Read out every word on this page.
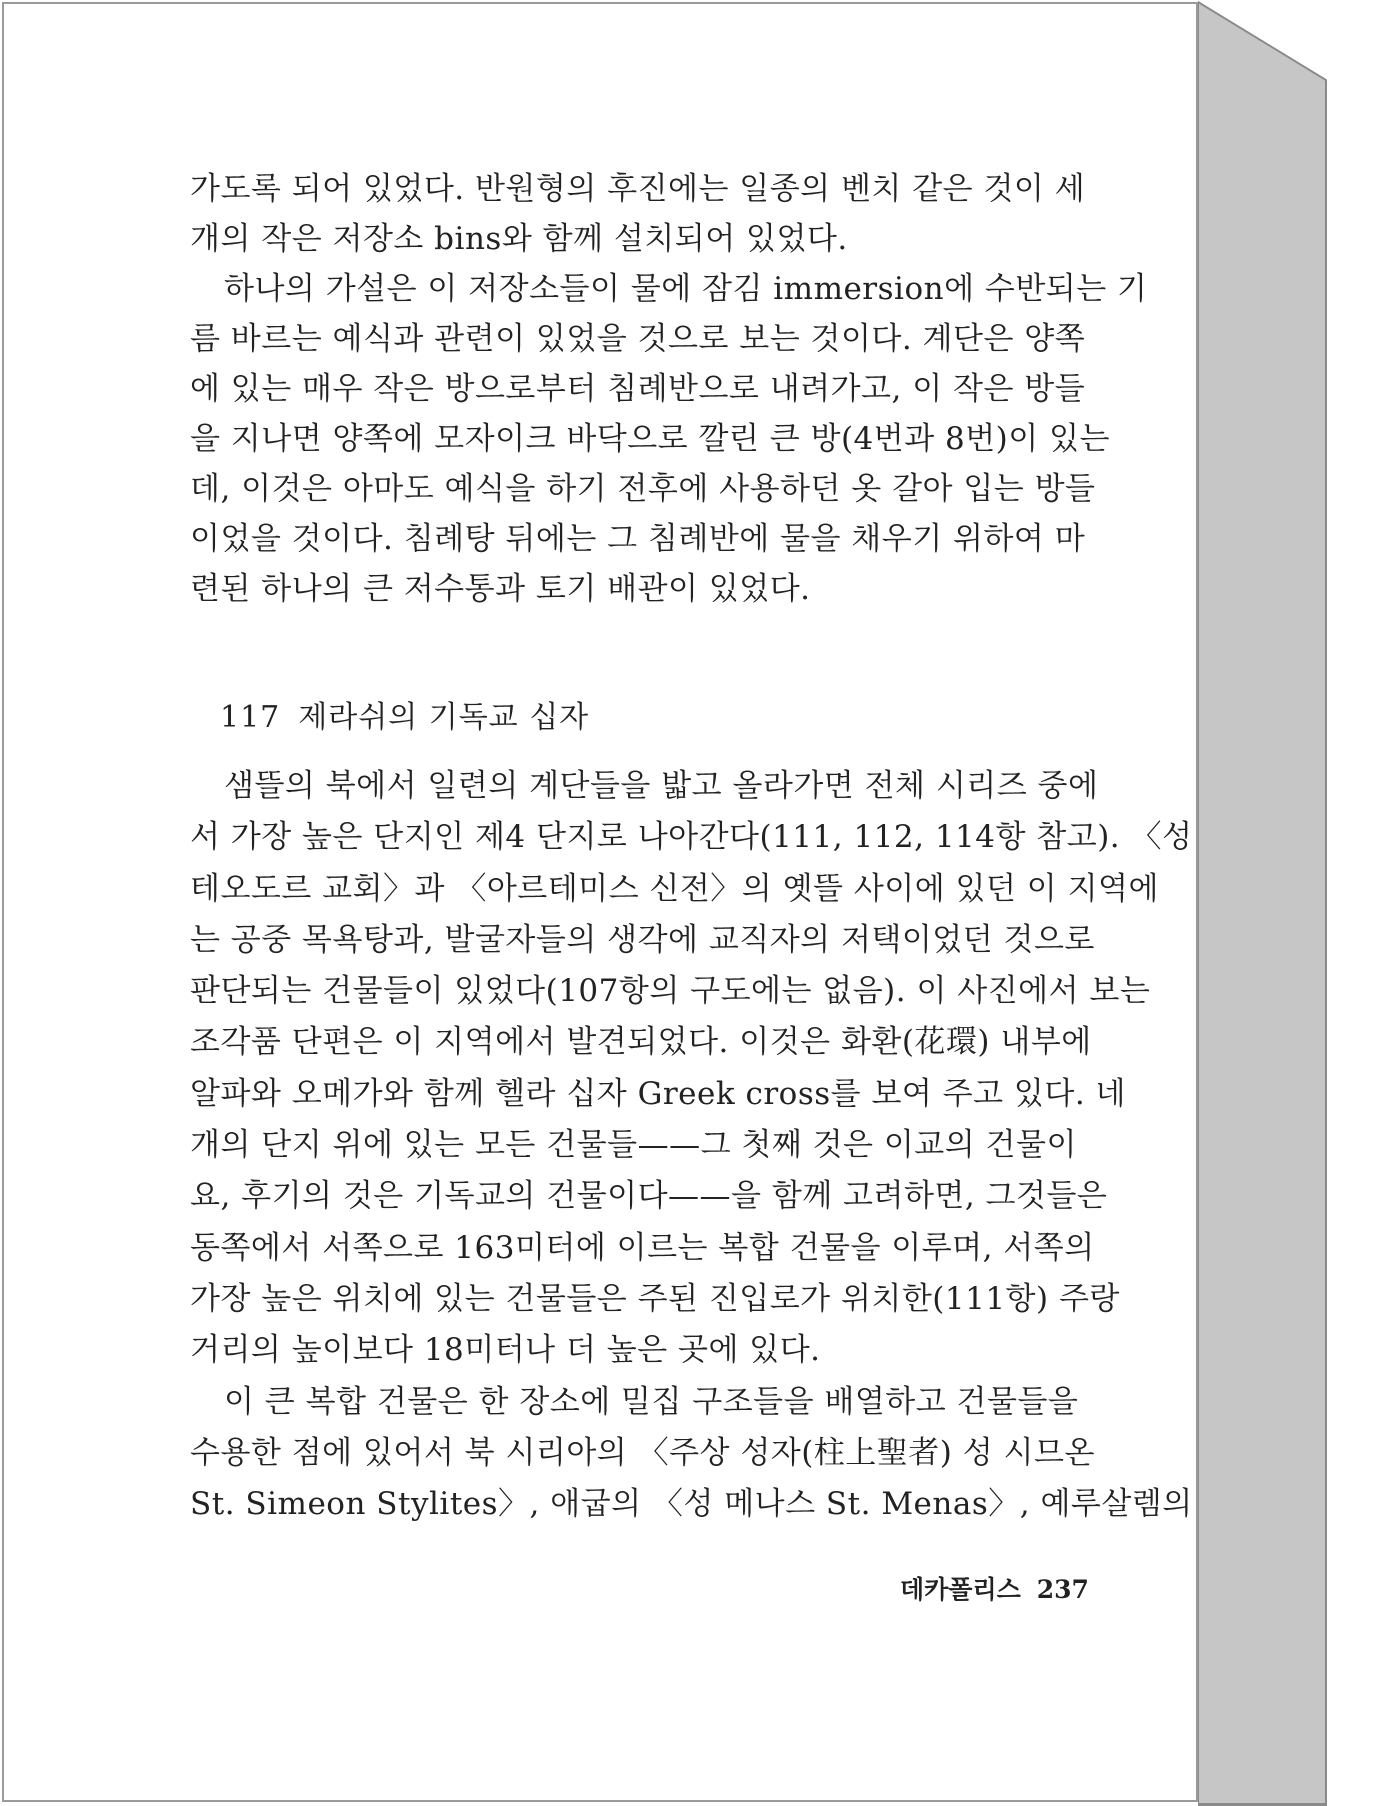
가도록 되어 있었다. 반원형의 후진에는 일종의 벤치 같은 것이 세
개의 작은 저장소 bins와 함께 설치되어 있었다.
하나의 가설은 이 저장소들이 물에 잠김 immersion에 수반되는 기
름 바르는 예식과 관련이 있었을 것으로 보는 것이다. 계단은 양쪽
에 있는 매우 작은 방으로부터 침례반으로 내려가고, 이 작은 방들
을 지나면 양쪽에 모자이크 바닥으로 깔린 큰 방(4번과 8번)이 있는
데, 이것은 아마도 예식을 하기 전후에 사용하던 옷 갈아 입는 방들
이었을 것이다. 침례탕 뒤에는 그 침례반에 물을 채우기 위하여 마
련된 하나의 큰 저수통과 토기 배관이 있었다.
117 제라쉬의 기독교 십자
샘뜰의 북에서 일련의 계단들을 밟고 올라가면 전체 시리즈 중에
서 가장 높은 단지인 제4 단지로 나아간다(111, 112, 114항 참고). 〈성
테오도르 교회〉과 〈아르테미스 신전〉의 옛뜰 사이에 있던 이 지역에
는 공중 목욕탕과, 발굴자들의 생각에 교직자의 저택이었던 것으로
판단되는 건물들이 있었다(107항의 구도에는 없음). 이 사진에서 보는
조각품 단편은 이 지역에서 발견되었다. 이것은 화환(花環) 내부에
알파와 오메가와 함께 헬라 십자 Greek cross를 보여 주고 있다. 네
개의 단지 위에 있는 모든 건물들——그 첫째 것은 이교의 건물이
요, 후기의 것은 기독교의 건물이다——을 함께 고려하면, 그것들은
동쪽에서 서쪽으로 163미터에 이르는 복합 건물을 이루며, 서쪽의
가장 높은 위치에 있는 건물들은 주된 진입로가 위치한(111항) 주랑
거리의 높이보다 18미터나 더 높은 곳에 있다.
이 큰 복합 건물은 한 장소에 밀집 구조들을 배열하고 건물들을
수용한 점에 있어서 북 시리아의 〈주상 성자(柱上聖者) 성 시므온
St. Simeon Stylites〉, 애굽의 〈성 메나스 St. Menas〉, 예루살렘의
데카폴리스 237
